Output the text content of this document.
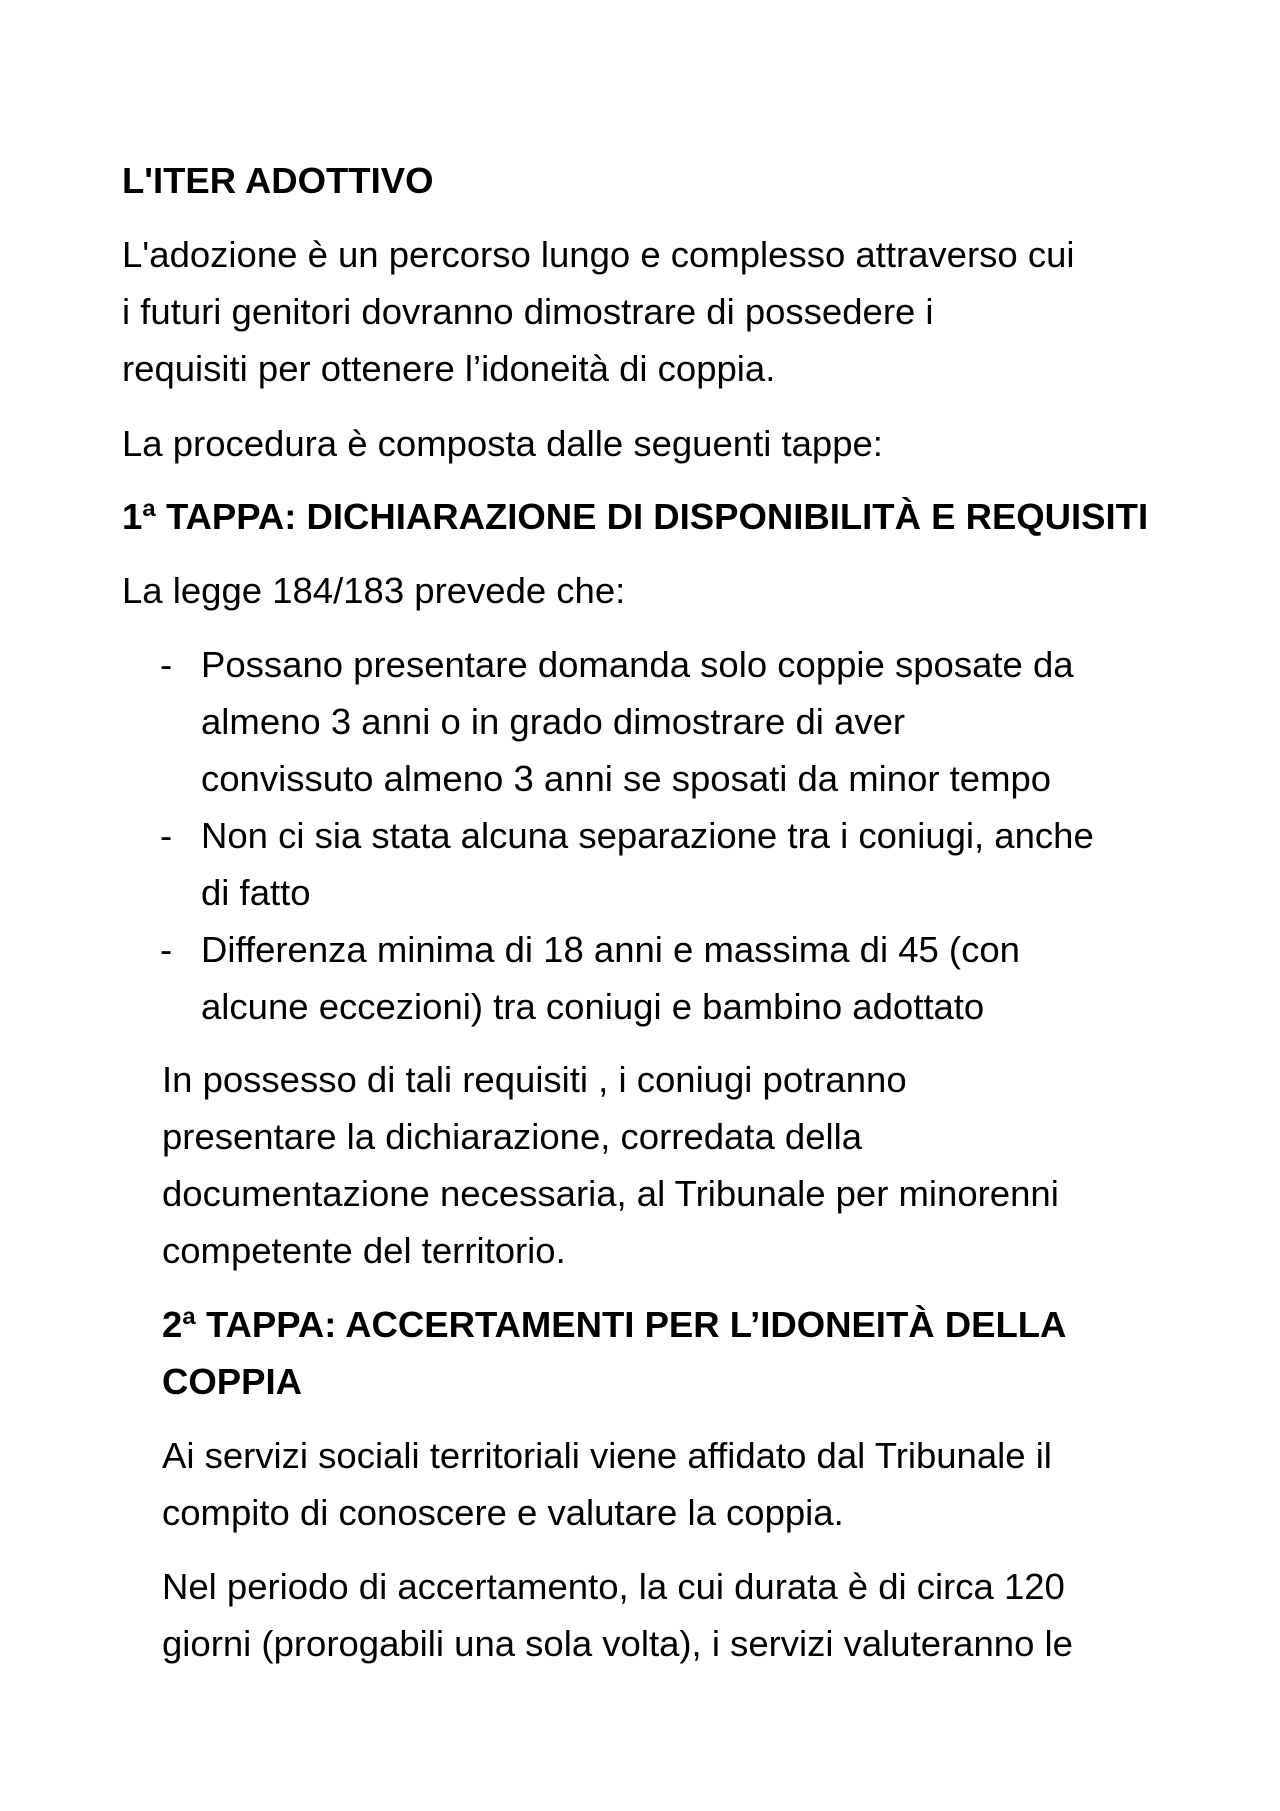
L'ITER ADOTTIVO
L'adozione è un percorso lungo e complesso attraverso cui
i futuri genitori dovranno dimostrare di possedere i
requisiti per ottenere l’idoneità di coppia.
La procedura è composta dalle seguenti tappe:
1ª TAPPA: DICHIARAZIONE DI DISPONIBILITÀ E REQUISITI
La legge 184/183 prevede che:
- Possano presentare domanda solo coppie sposate da
almeno 3 anni o in grado dimostrare di aver
convissuto almeno 3 anni se sposati da minor tempo
- Non ci sia stata alcuna separazione tra i coniugi, anche
di fatto
- Differenza minima di 18 anni e massima di 45 (con
alcune eccezioni) tra coniugi e bambino adottato
In possesso di tali requisiti , i coniugi potranno
presentare la dichiarazione, corredata della
documentazione necessaria, al Tribunale per minorenni
competente del territorio.
2ª TAPPA: ACCERTAMENTI PER L’IDONEITÀ DELLA
COPPIA
Ai servizi sociali territoriali viene affidato dal Tribunale il
compito di conoscere e valutare la coppia.
Nel periodo di accertamento, la cui durata è di circa 120
giorni (prorogabili una sola volta), i servizi valuteranno le
